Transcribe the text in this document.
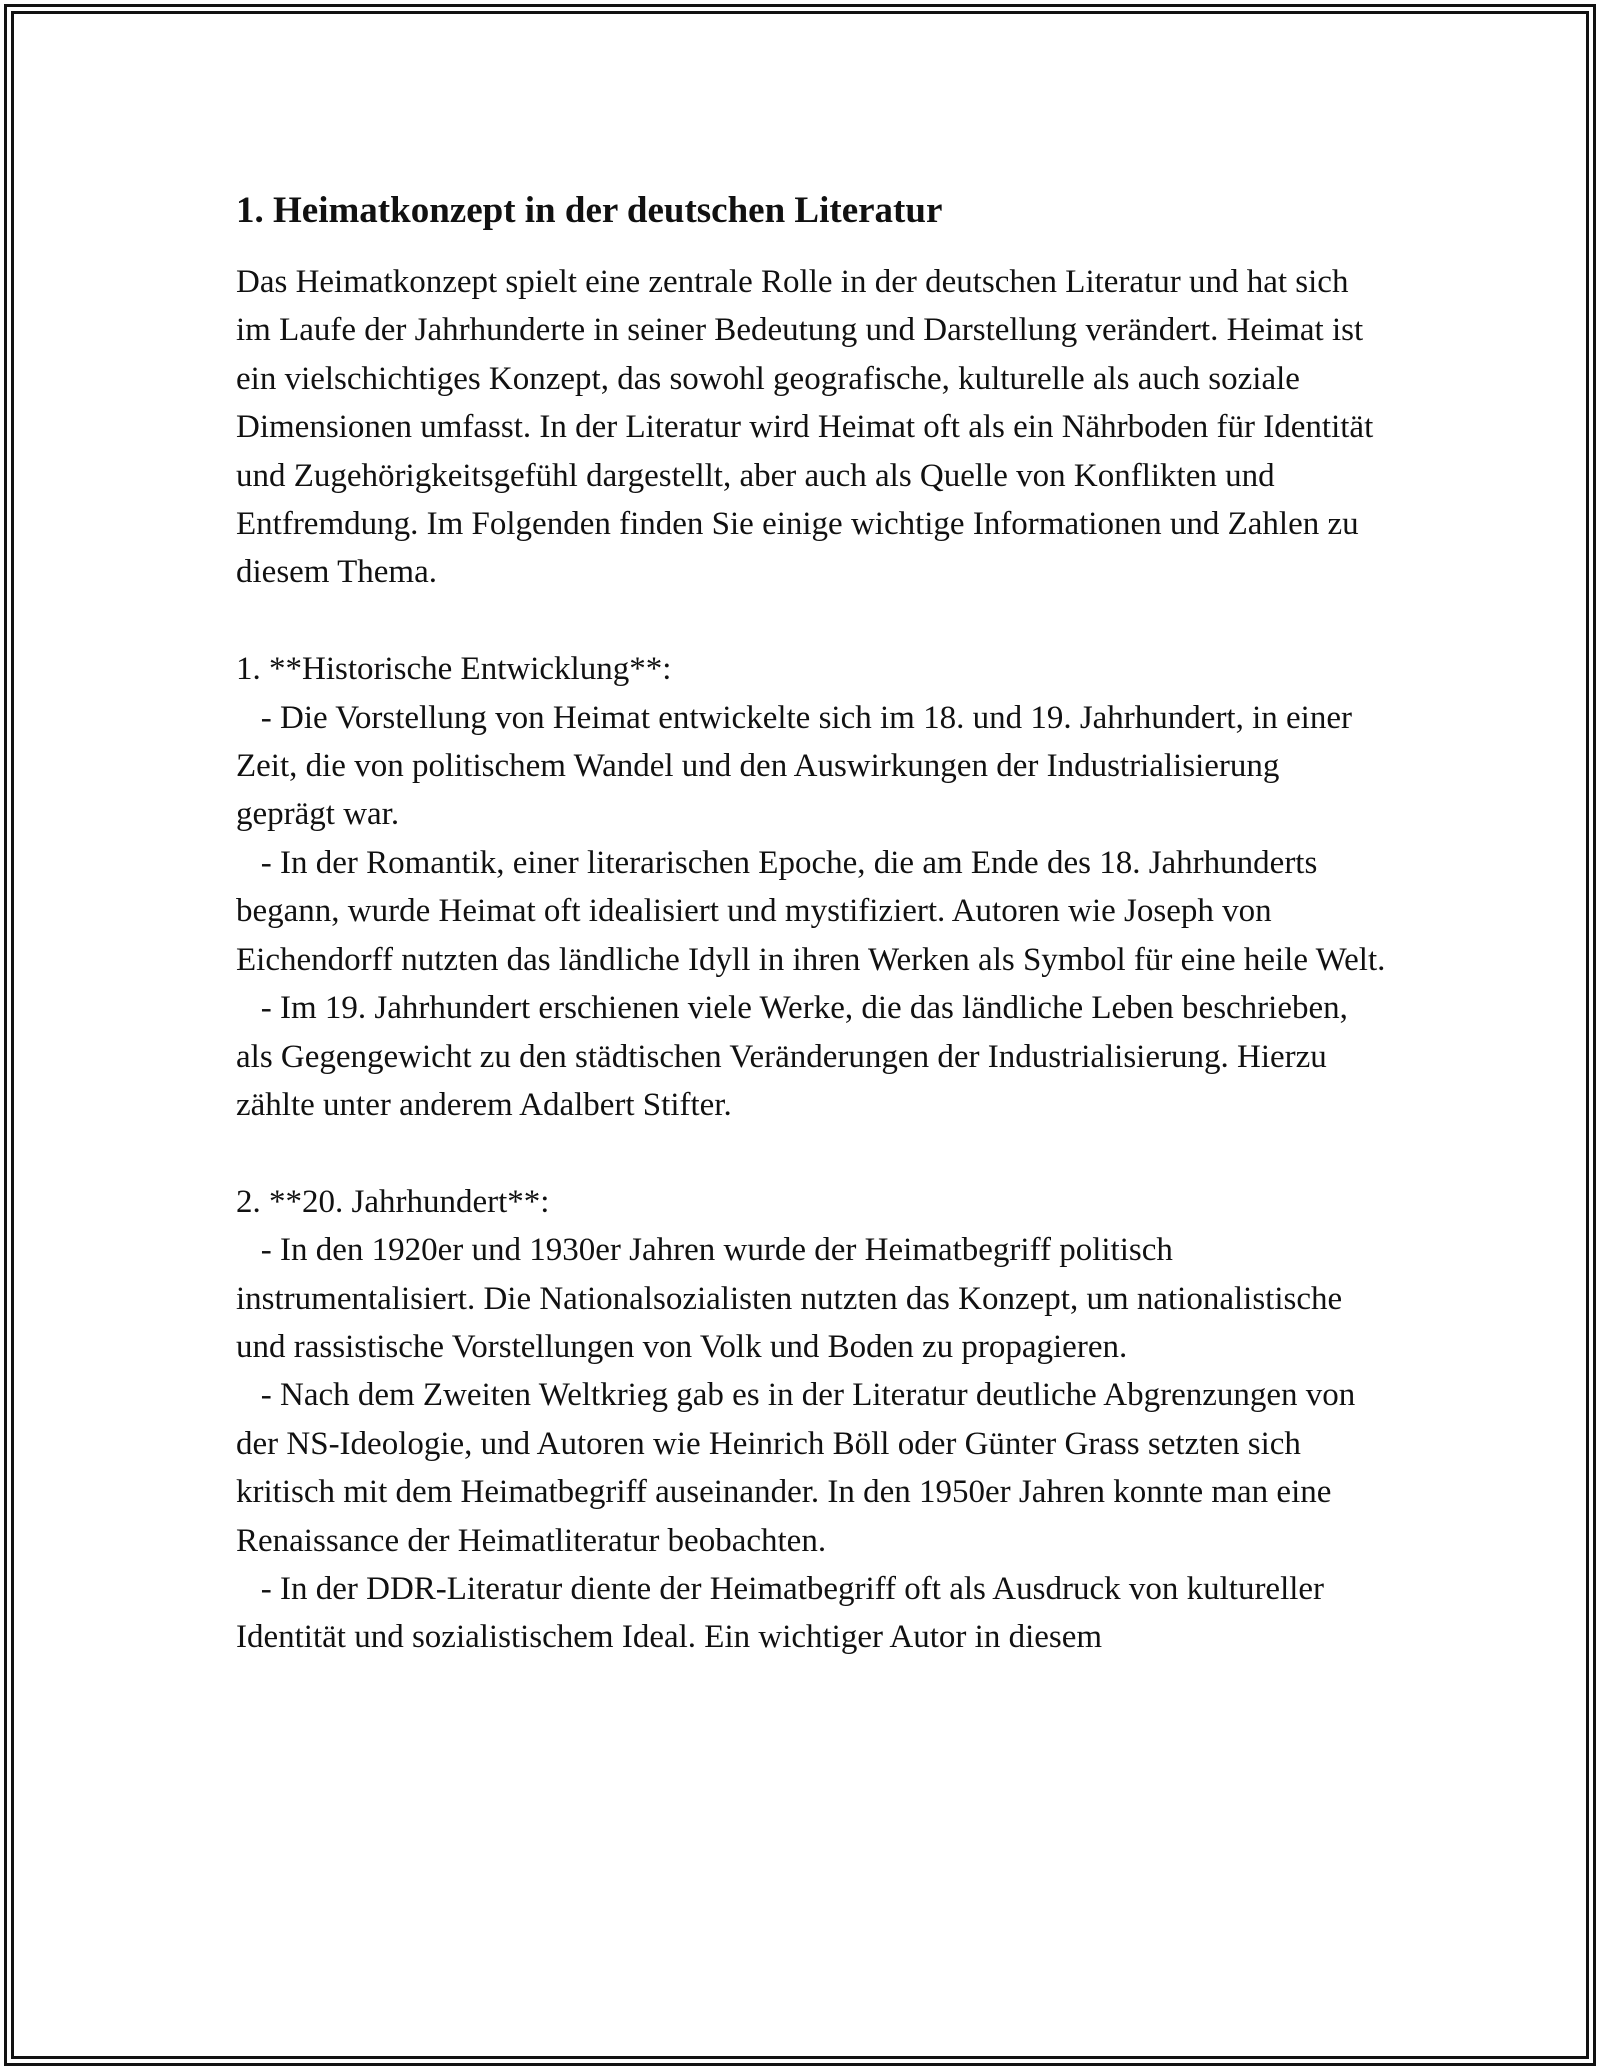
1. Heimatkonzept in der deutschen Literatur

Das Heimatkonzept spielt eine zentrale Rolle in der deutschen Literatur und hat sich im Laufe der Jahrhunderte in seiner Bedeutung und Darstellung verändert. Heimat ist ein vielschichtiges Konzept, das sowohl geografische, kulturelle als auch soziale Dimensionen umfasst. In der Literatur wird Heimat oft als ein Nährboden für Identität und Zugehörigkeitsgefühl dargestellt, aber auch als Quelle von Konflikten und Entfremdung. Im Folgenden finden Sie einige wichtige Informationen und Zahlen zu diesem Thema.

1. **Historische Entwicklung**:
- Die Vorstellung von Heimat entwickelte sich im 18. und 19. Jahrhundert, in einer Zeit, die von politischem Wandel und den Auswirkungen der Industrialisierung geprägt war.
- In der Romantik, einer literarischen Epoche, die am Ende des 18. Jahrhunderts begann, wurde Heimat oft idealisiert und mystifiziert. Autoren wie Joseph von Eichendorff nutzten das ländliche Idyll in ihren Werken als Symbol für eine heile Welt.
- Im 19. Jahrhundert erschienen viele Werke, die das ländliche Leben beschrieben, als Gegengewicht zu den städtischen Veränderungen der Industrialisierung. Hierzu zählte unter anderem Adalbert Stifter.

2. **20. Jahrhundert**:
- In den 1920er und 1930er Jahren wurde der Heimatbegriff politisch instrumentalisiert. Die Nationalsozialisten nutzten das Konzept, um nationalistische und rassistische Vorstellungen von Volk und Boden zu propagieren.
- Nach dem Zweiten Weltkrieg gab es in der Literatur deutliche Abgrenzungen von der NS-Ideologie, und Autoren wie Heinrich Böll oder Günter Grass setzten sich kritisch mit dem Heimatbegriff auseinander. In den 1950er Jahren konnte man eine Renaissance der Heimatliteratur beobachten.
- In der DDR-Literatur diente der Heimatbegriff oft als Ausdruck von kultureller Identität und sozialistischem Ideal. Ein wichtiger Autor in diesem
